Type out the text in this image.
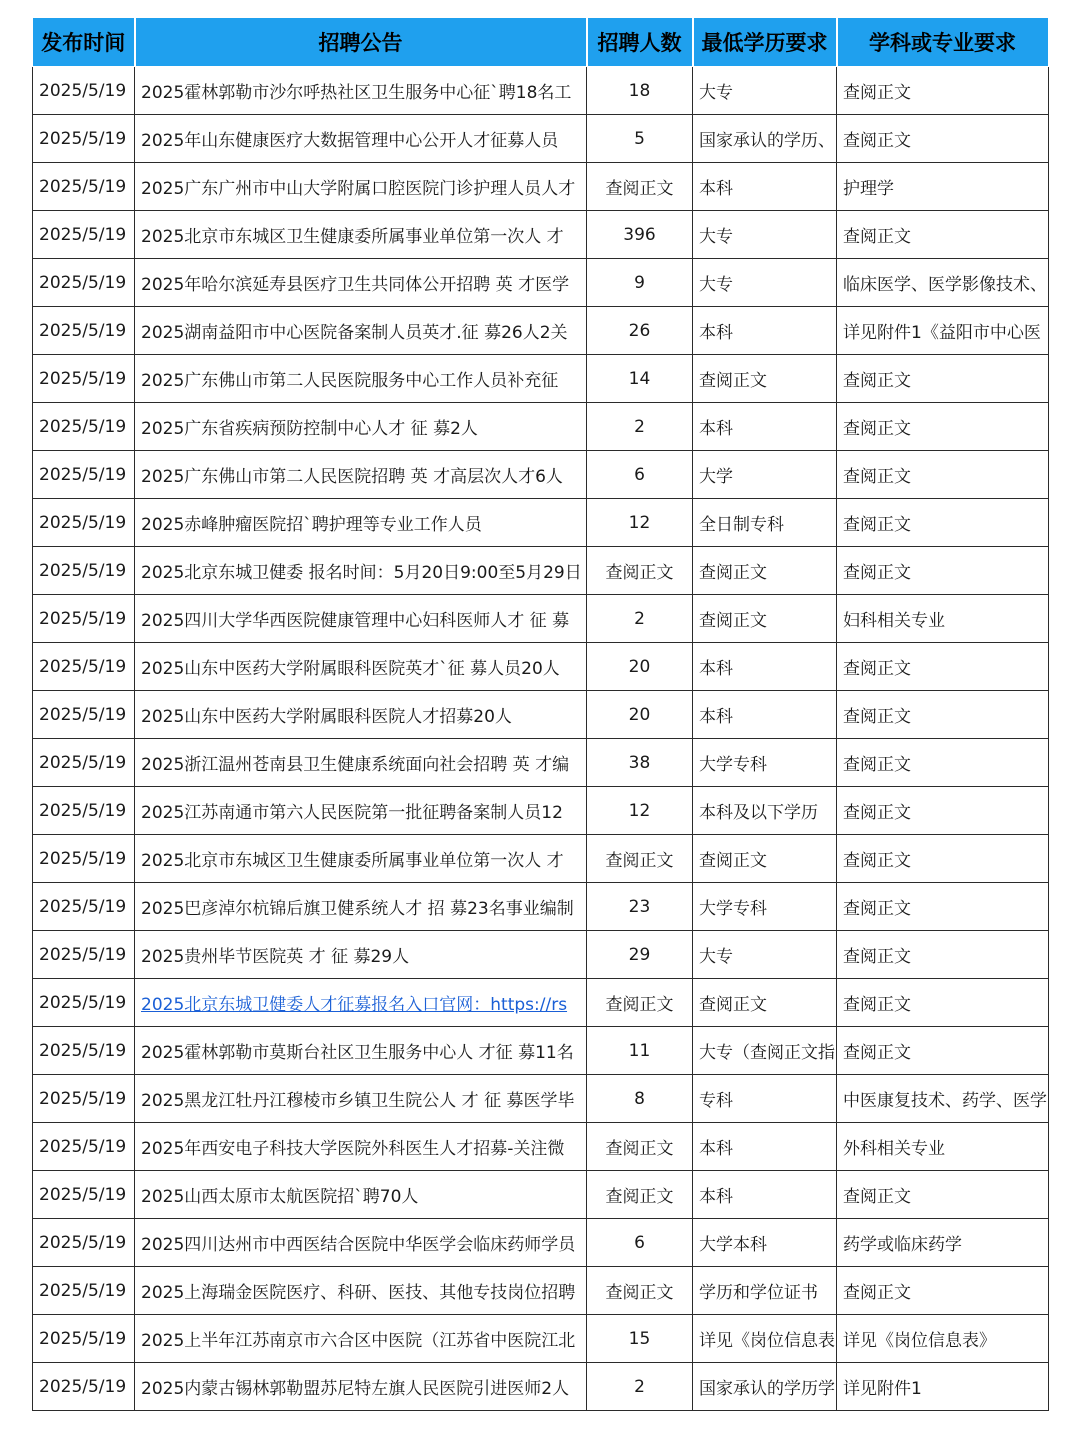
发布时间	招聘公告	招聘人数	最低学历要求	学科或专业要求
2025/5/19	2025霍林郭勒市沙尔呼热社区卫生服务中心征`聘18名工	18	大专	查阅正文
2025/5/19	2025年山东健康医疗大数据管理中心公开人才征募人员	5	国家承认的学历、	查阅正文
2025/5/19	2025广东广州市中山大学附属口腔医院门诊护理人员人才	查阅正文	本科	护理学
2025/5/19	2025北京市东城区卫生健康委所属事业单位第一次人 才	396	大专	查阅正文
2025/5/19	2025年哈尔滨延寿县医疗卫生共同体公开招聘 英 才医学	9	大专	临床医学、医学影像技术、
2025/5/19	2025湖南益阳市中心医院备案制人员英才.征 募26人2关	26	本科	详见附件1《益阳市中心医
2025/5/19	2025广东佛山市第二人民医院服务中心工作人员补充征	14	查阅正文	查阅正文
2025/5/19	2025广东省疾病预防控制中心人才 征 募2人	2	本科	查阅正文
2025/5/19	2025广东佛山市第二人民医院招聘 英 才高层次人才6人	6	大学	查阅正文
2025/5/19	2025赤峰肿瘤医院招`聘护理等专业工作人员	12	全日制专科	查阅正文
2025/5/19	2025北京东城卫健委 报名时间：5月20日9:00至5月29日	查阅正文	查阅正文	查阅正文
2025/5/19	2025四川大学华西医院健康管理中心妇科医师人才 征 募	2	查阅正文	妇科相关专业
2025/5/19	2025山东中医药大学附属眼科医院英才`征 募人员20人	20	本科	查阅正文
2025/5/19	2025山东中医药大学附属眼科医院人才招募20人	20	本科	查阅正文
2025/5/19	2025浙江温州苍南县卫生健康系统面向社会招聘 英 才编	38	大学专科	查阅正文
2025/5/19	2025江苏南通市第六人民医院第一批征聘备案制人员12	12	本科及以下学历	查阅正文
2025/5/19	2025北京市东城区卫生健康委所属事业单位第一次人 才	查阅正文	查阅正文	查阅正文
2025/5/19	2025巴彦淖尔杭锦后旗卫健系统人才 招 募23名事业编制	23	大学专科	查阅正文
2025/5/19	2025贵州毕节医院英 才 征 募29人	29	大专	查阅正文
2025/5/19	2025北京东城卫健委人才征募报名入口官网：https://rs	查阅正文	查阅正文	查阅正文
2025/5/19	2025霍林郭勒市莫斯台社区卫生服务中心人 才征 募11名	11	大专（查阅正文指	查阅正文
2025/5/19	2025黑龙江牡丹江穆棱市乡镇卫生院公人 才 征 募医学毕	8	专科	中医康复技术、药学、医学
2025/5/19	2025年西安电子科技大学医院外科医生人才招募-关注微	查阅正文	本科	外科相关专业
2025/5/19	2025山西太原市太航医院招`聘70人	查阅正文	本科	查阅正文
2025/5/19	2025四川达州市中西医结合医院中华医学会临床药师学员	6	大学本科	药学或临床药学
2025/5/19	2025上海瑞金医院医疗、科研、医技、其他专技岗位招聘	查阅正文	学历和学位证书	查阅正文
2025/5/19	2025上半年江苏南京市六合区中医院（江苏省中医院江北	15	详见《岗位信息表	详见《岗位信息表》
2025/5/19	2025内蒙古锡林郭勒盟苏尼特左旗人民医院引进医师2人	2	国家承认的学历学	详见附件1
